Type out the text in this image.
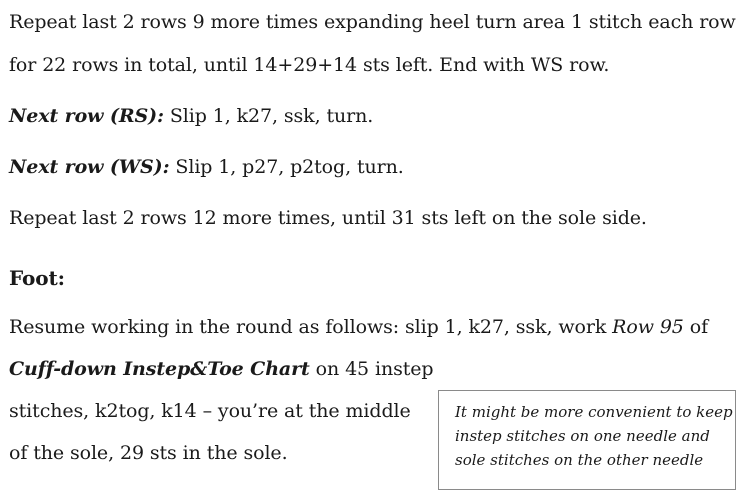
Repeat last 2 rows 9 more times expanding heel turn area 1 stitch each row
for 22 rows in total, until 14+29+14 sts left. End with WS row.
Next row (RS): Slip 1, k27, ssk, turn.
Next row (WS): Slip 1, p27, p2tog, turn.
Repeat last 2 rows 12 more times, until 31 sts left on the sole side.
Foot:
Resume working in the round as follows: slip 1, k27, ssk, work Row 95 of
Cuff-down Instep&Toe Chart on 45 instep
stitches, k2tog, k14 – you’re at the middle
of the sole, 29 sts in the sole.
It might be more convenient to keep
instep stitches on one needle and
sole stitches on the other needle
